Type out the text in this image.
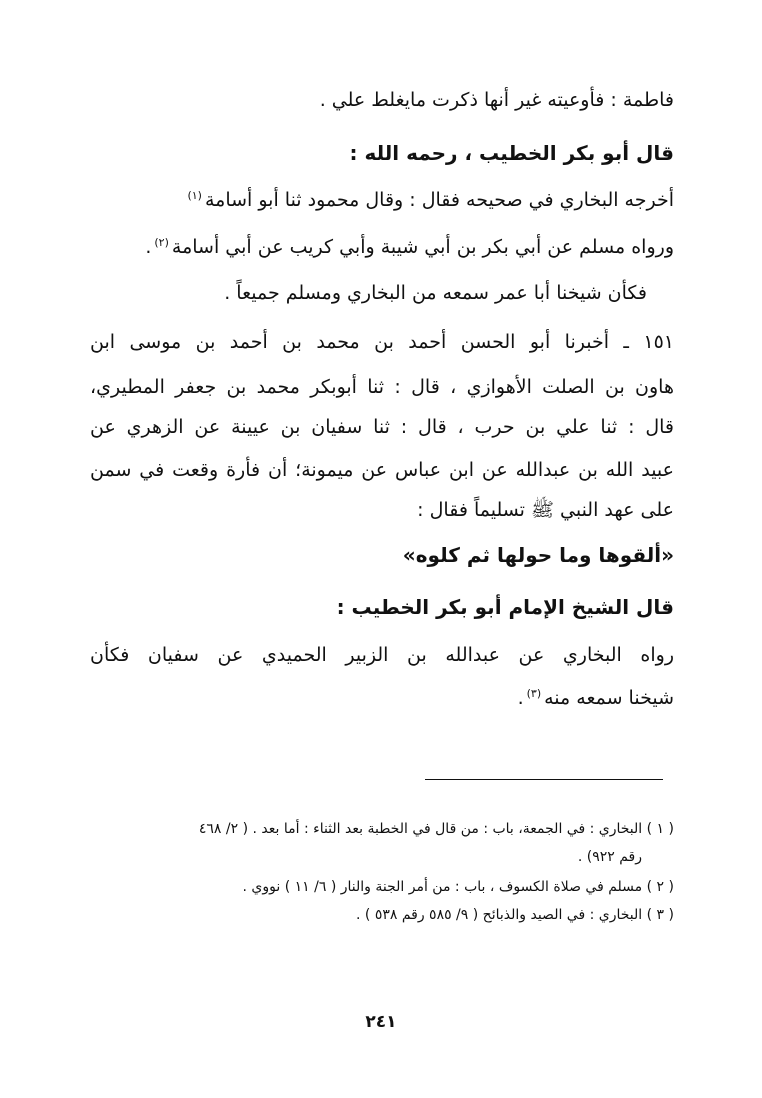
فاطمة : فأوعيته غير أنها ذكرت مايغلط علي .
قال أبو بكر الخطيب ، رحمه الله :
أخرجه البخاري في صحيحه فقال : وقال محمود ثنا أبو أسامة$^{(١)}$
ورواه مسلم عن أبي بكر بن أبي شيبة وأبي كريب عن أبي أسامة$^{(٢)}$.
فكأن شيخنا أبا عمر سمعه من البخاري ومسلم جميعاً .
١٥١ ـ أخبرنا أبو الحسن أحمد بن محمد بن أحمد بن موسى ابن
هاون بن الصلت الأهوازي ، قال : ثنا أبوبكر محمد بن جعفر المطيري،
قال : ثنا علي بن حرب ، قال : ثنا سفيان بن عيينة عن الزهري عن
عبيد الله بن عبدالله عن ابن عباس عن ميمونة؛ أن فأرة وقعت في سمن
على عهد النبي ﷺ تسليماً فقال :
«ألقوها وما حولها ثم كلوه»
قال الشيخ الإمام أبو بكر الخطيب :
رواه البخاري عن عبدالله بن الزبير الحميدي عن سفيان فكأن
شيخنا سمعه منه$^{(٣)}$.
( ١ ) البخاري : في الجمعة، باب : من قال في الخطبة بعد الثناء : أما بعد . ( ٢/ ٤٦٨
رقم ٩٢٢) .
( ٢ ) مسلم في صلاة الكسوف ، باب : من أمر الجنة والنار ( ٦/ ١١ ) نووي .
( ٣ ) البخاري : في الصيد والذبائح ( ٩/ ٥٨٥ رقم ٥٣٨ ) .
٢٤١
